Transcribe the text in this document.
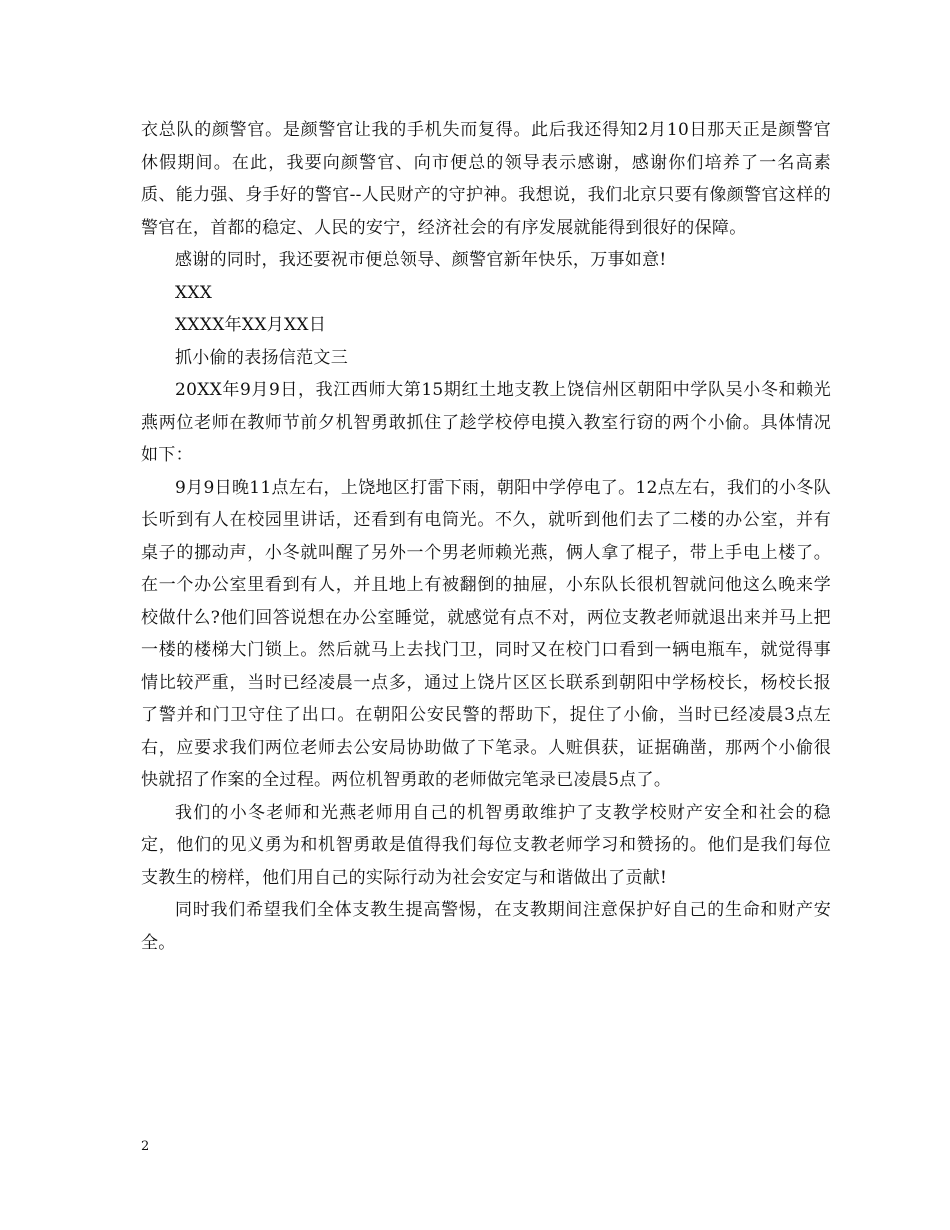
衣总队的颜警官。是颜警官让我的手机失而复得。此后我还得知2月10日那天正是颜警官休假期间。在此，我要向颜警官、向市便总的领导表示感谢，感谢你们培养了一名高素质、能力强、身手好的警官--人民财产的守护神。我想说，我们北京只要有像颜警官这样的警官在，首都的稳定、人民的安宁，经济社会的有序发展就能得到很好的保障。

感谢的同时，我还要祝市便总领导、颜警官新年快乐，万事如意!

XXX

XXXX年XX月XX日

抓小偷的表扬信范文三

20XX年9月9日，我江西师大第15期红土地支教上饶信州区朝阳中学队吴小冬和赖光燕两位老师在教师节前夕机智勇敢抓住了趁学校停电摸入教室行窃的两个小偷。具体情况如下：

9月9日晚11点左右，上饶地区打雷下雨，朝阳中学停电了。12点左右，我们的小冬队长听到有人在校园里讲话，还看到有电筒光。不久，就听到他们去了二楼的办公室，并有桌子的挪动声，小冬就叫醒了另外一个男老师赖光燕，俩人拿了棍子，带上手电上楼了。在一个办公室里看到有人，并且地上有被翻倒的抽屉，小东队长很机智就问他这么晚来学校做什么?他们回答说想在办公室睡觉，就感觉有点不对，两位支教老师就退出来并马上把一楼的楼梯大门锁上。然后就马上去找门卫，同时又在校门口看到一辆电瓶车，就觉得事情比较严重，当时已经凌晨一点多，通过上饶片区区长联系到朝阳中学杨校长，杨校长报了警并和门卫守住了出口。在朝阳公安民警的帮助下，捉住了小偷，当时已经凌晨3点左右，应要求我们两位老师去公安局协助做了下笔录。人赃俱获，证据确凿，那两个小偷很快就招了作案的全过程。两位机智勇敢的老师做完笔录已凌晨5点了。

我们的小冬老师和光燕老师用自己的机智勇敢维护了支教学校财产安全和社会的稳定，他们的见义勇为和机智勇敢是值得我们每位支教老师学习和赞扬的。他们是我们每位支教生的榜样，他们用自己的实际行动为社会安定与和谐做出了贡献!

同时我们希望我们全体支教生提高警惕，在支教期间注意保护好自己的生命和财产安全。

2
